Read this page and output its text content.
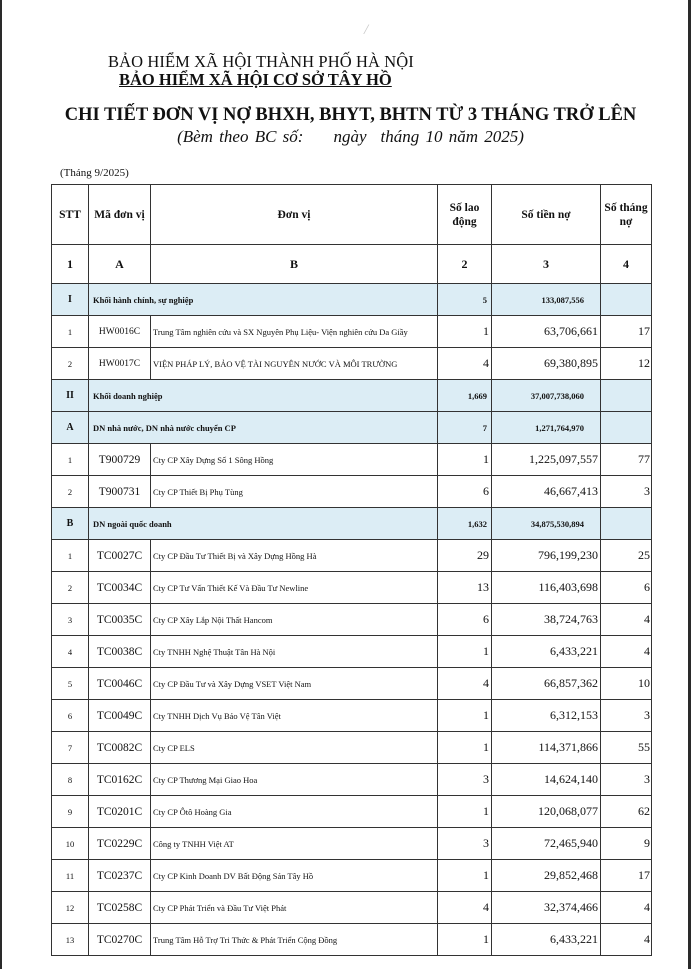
/
BẢO HIỂM XÃ HỘI THÀNH PHỐ HÀ NỘI
BẢO HIỂM XÃ HỘI CƠ SỞ TÂY HỒ
CHI TIẾT ĐƠN VỊ NỢ BHXH, BHYT, BHTN TỪ 3 THÁNG TRỞ LÊN
(Bèm theo BC số: ngày tháng 10 năm 2025)
(Tháng 9/2025)
STT	Mã đơn vị	Đơn vị	Số lao động	Số tiền nợ	Số tháng nợ
1	A	B	2	3	4
I	Khối hành chính, sự nghiệp		5	133,087,556	
1	HW0016C	Trung Tâm nghiên cứu và SX Nguyên Phụ Liệu- Viện nghiên cứu Da Giầy	1	63,706,661	17
2	HW0017C	VIỆN PHÁP LÝ, BẢO VỆ TÀI NGUYÊN NƯỚC VÀ MÔI TRƯỜNG	4	69,380,895	12
II	Khối doanh nghiệp		1,669	37,007,738,060	
A	DN nhà nước, DN nhà nước chuyển CP		7	1,271,764,970	
1	T900729	Cty CP Xây Dựng Số 1 Sông Hồng	1	1,225,097,557	77
2	T900731	Cty CP Thiết Bị Phụ Tùng	6	46,667,413	3
B	DN ngoài quốc doanh		1,632	34,875,530,894	
1	TC0027C	Cty CP Đầu Tư Thiết Bị và Xây Dựng Hồng Hà	29	796,199,230	25
2	TC0034C	Cty CP Tư Vấn Thiết Kế Và Đầu Tư Newline	13	116,403,698	6
3	TC0035C	Cty CP Xây Lắp Nội Thất Hancom	6	38,724,763	4
4	TC0038C	Cty TNHH Nghệ Thuật Tân Hà Nội	1	6,433,221	4
5	TC0046C	Cty CP Đầu Tư và Xây Dựng VSET Việt Nam	4	66,857,362	10
6	TC0049C	Cty TNHH Dịch Vụ Bảo Vệ Tân Việt	1	6,312,153	3
7	TC0082C	Cty CP ELS	1	114,371,866	55
8	TC0162C	Cty CP Thương Mại Giao Hoa	3	14,624,140	3
9	TC0201C	Cty CP Ôtô Hoàng Gia	1	120,068,077	62
10	TC0229C	Công ty TNHH Việt AT	3	72,465,940	9
11	TC0237C	Cty CP Kinh Doanh DV Bất Động Sản Tây Hồ	1	29,852,468	17
12	TC0258C	Cty CP Phát Triển và Đầu Tư Việt Phát	4	32,374,466	4
13	TC0270C	Trung Tâm Hỗ Trợ Tri Thức & Phát Triển Cộng Đồng	1	6,433,221	4
